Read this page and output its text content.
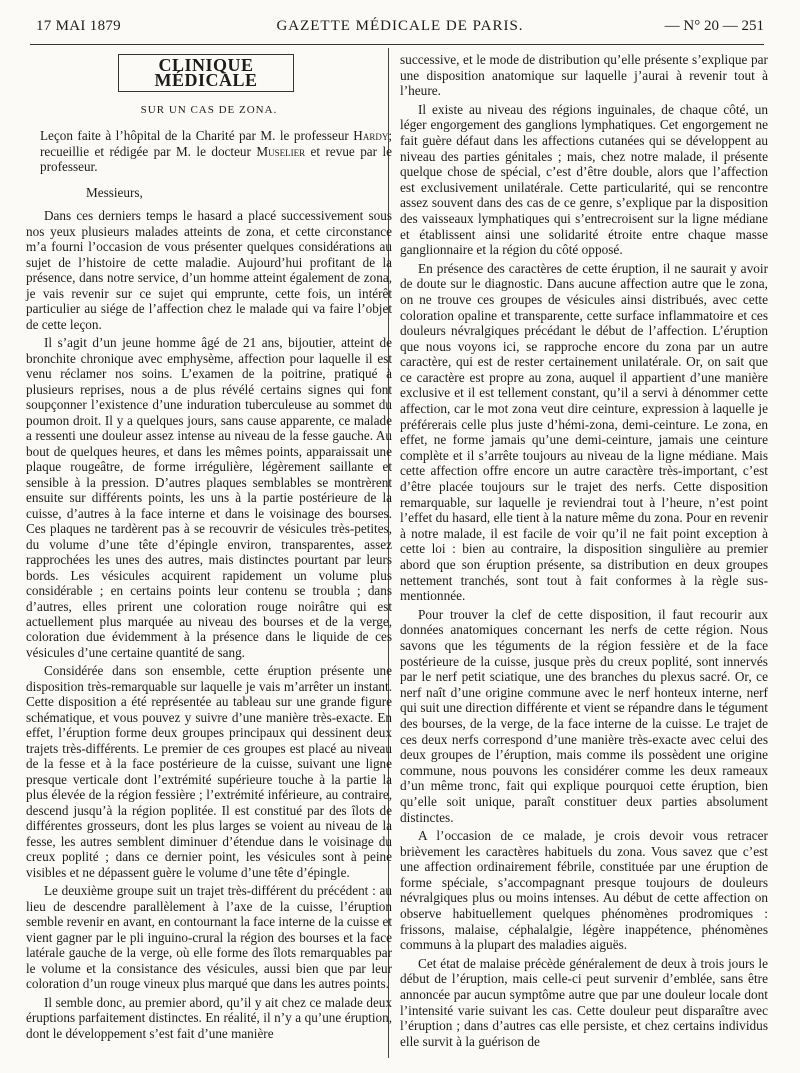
17 MAI 1879	GAZETTE MÉDICALE DE PARIS.	— N° 20 — 251
CLINIQUE MÉDICALE
SUR UN CAS DE ZONA.

Leçon faite à l’hôpital de la Charité par M. le professeur Hardy; recueillie et rédigée par M. le docteur Muselier et revue par le professeur.

Messieurs,

Dans ces derniers temps le hasard a placé successivement sous nos yeux plusieurs malades atteints de zona, et cette circonstance m’a fourni l’occasion de vous présenter quelques considérations au sujet de l’histoire de cette maladie. Aujourd’hui profitant de la présence, dans notre service, d’un homme atteint également de zona, je vais revenir sur ce sujet qui emprunte, cette fois, un intérêt particulier au siége de l’affection chez le malade qui va faire l’objet de cette leçon.

Il s’agit d’un jeune homme âgé de 21 ans, bijoutier, atteint de bronchite chronique avec emphysème, affection pour laquelle il est venu réclamer nos soins. L’examen de la poitrine, pratiqué à plusieurs reprises, nous a de plus révélé certains signes qui font soupçonner l’existence d’une induration tuberculeuse au sommet du poumon droit. Il y a quelques jours, sans cause apparente, ce malade a ressenti une douleur assez intense au niveau de la fesse gauche. Au bout de quelques heures, et dans les mêmes points, apparaissait une plaque rougeâtre, de forme irrégulière, légèrement saillante et sensible à la pression. D’autres plaques semblables se montrèrent ensuite sur différents points, les uns à la partie postérieure de la cuisse, d’autres à la face interne et dans le voisinage des bourses. Ces plaques ne tardèrent pas à se recouvrir de vésicules très-petites, du volume d’une tête d’épingle environ, transparentes, assez rapprochées les unes des autres, mais distinctes pourtant par leurs bords. Les vésicules acquirent rapidement un volume plus considérable ; en certains points leur contenu se troubla ; dans d’autres, elles prirent une coloration rouge noirâtre qui est actuellement plus marquée au niveau des bourses et de la verge, coloration due évidemment à la présence dans le liquide de ces vésicules d’une certaine quantité de sang.

Considérée dans son ensemble, cette éruption présente une disposition très-remarquable sur laquelle je vais m’arrêter un instant. Cette disposition a été représentée au tableau sur une grande figure schématique, et vous pouvez y suivre d’une manière très-exacte. En effet, l’éruption forme deux groupes principaux qui dessinent deux trajets très-différents. Le premier de ces groupes est placé au niveau de la fesse et à la face postérieure de la cuisse, suivant une ligne presque verticale dont l’extrémité supérieure touche à la partie la plus élevée de la région fessière ; l’extrémité inférieure, au contraire, descend jusqu’à la région poplitée. Il est constitué par des îlots de différentes grosseurs, dont les plus larges se voient au niveau de la fesse, les autres semblent diminuer d’étendue dans le voisinage du creux poplité ; dans ce dernier point, les vésicules sont à peine visibles et ne dépassent guère le volume d’une tête d’épingle.

Le deuxième groupe suit un trajet très-différent du précédent : au lieu de descendre parallèlement à l’axe de la cuisse, l’éruption semble revenir en avant, en contournant la face interne de la cuisse et vient gagner par le pli inguino-crural la région des bourses et la face latérale gauche de la verge, où elle forme des îlots remarquables par le volume et la consistance des vésicules, aussi bien que par leur coloration d’un rouge vineux plus marqué que dans les autres points.

Il semble donc, au premier abord, qu’il y ait chez ce malade deux éruptions parfaitement distinctes. En réalité, il n’y a qu’une éruption, dont le développement s’est fait d’une manière

successive, et le mode de distribution qu’elle présente s’explique par une disposition anatomique sur laquelle j’aurai à revenir tout à l’heure.

Il existe au niveau des régions inguinales, de chaque côté, un léger engorgement des ganglions lymphatiques. Cet engorgement ne fait guère défaut dans les affections cutanées qui se développent au niveau des parties génitales ; mais, chez notre malade, il présente quelque chose de spécial, c’est d’être double, alors que l’affection est exclusivement unilatérale. Cette particularité, qui se rencontre assez souvent dans des cas de ce genre, s’explique par la disposition des vaisseaux lymphatiques qui s’entrecroisent sur la ligne médiane et établissent ainsi une solidarité étroite entre chaque masse ganglionnaire et la région du côté opposé.

En présence des caractères de cette éruption, il ne saurait y avoir de doute sur le diagnostic. Dans aucune affection autre que le zona, on ne trouve ces groupes de vésicules ainsi distribués, avec cette coloration opaline et transparente, cette surface inflammatoire et ces douleurs névralgiques précédant le début de l’affection. L’éruption que nous voyons ici, se rapproche encore du zona par un autre caractère, qui est de rester certainement unilatérale. Or, on sait que ce caractère est propre au zona, auquel il appartient d’une manière exclusive et il est tellement constant, qu’il a servi à dénommer cette affection, car le mot zona veut dire ceinture, expression à laquelle je préférerais celle plus juste d’hémi-zona, demi-ceinture. Le zona, en effet, ne forme jamais qu’une demi-ceinture, jamais une ceinture complète et il s’arrête toujours au niveau de la ligne médiane. Mais cette affection offre encore un autre caractère très-important, c’est d’être placée toujours sur le trajet des nerfs. Cette disposition remarquable, sur laquelle je reviendrai tout à l’heure, n’est point l’effet du hasard, elle tient à la nature même du zona. Pour en revenir à notre malade, il est facile de voir qu’il ne fait point exception à cette loi : bien au contraire, la disposition singulière au premier abord que son éruption présente, sa distribution en deux groupes nettement tranchés, sont tout à fait conformes à la règle sus-mentionnée.

Pour trouver la clef de cette disposition, il faut recourir aux données anatomiques concernant les nerfs de cette région. Nous savons que les téguments de la région fessière et de la face postérieure de la cuisse, jusque près du creux poplité, sont innervés par le nerf petit sciatique, une des branches du plexus sacré. Or, ce nerf naît d’une origine commune avec le nerf honteux interne, nerf qui suit une direction différente et vient se répandre dans le tégument des bourses, de la verge, de la face interne de la cuisse. Le trajet de ces deux nerfs correspond d’une manière très-exacte avec celui des deux groupes de l’éruption, mais comme ils possèdent une origine commune, nous pouvons les considérer comme les deux rameaux d’un même tronc, fait qui explique pourquoi cette éruption, bien qu’elle soit unique, paraît constituer deux parties absolument distinctes.

A l’occasion de ce malade, je crois devoir vous retracer brièvement les caractères habituels du zona. Vous savez que c’est une affection ordinairement fébrile, constituée par une éruption de forme spéciale, s’accompagnant presque toujours de douleurs névralgiques plus ou moins intenses. Au début de cette affection on observe habituellement quelques phénomènes prodromiques : frissons, malaise, céphalalgie, légère inappétence, phénomènes communs à la plupart des maladies aiguës.

Cet état de malaise précède généralement de deux à trois jours le début de l’éruption, mais celle-ci peut survenir d’emblée, sans être annoncée par aucun symptôme autre que par une douleur locale dont l’intensité varie suivant les cas. Cette douleur peut disparaître avec l’éruption ; dans d’autres cas elle persiste, et chez certains individus elle survit à la guérison de
